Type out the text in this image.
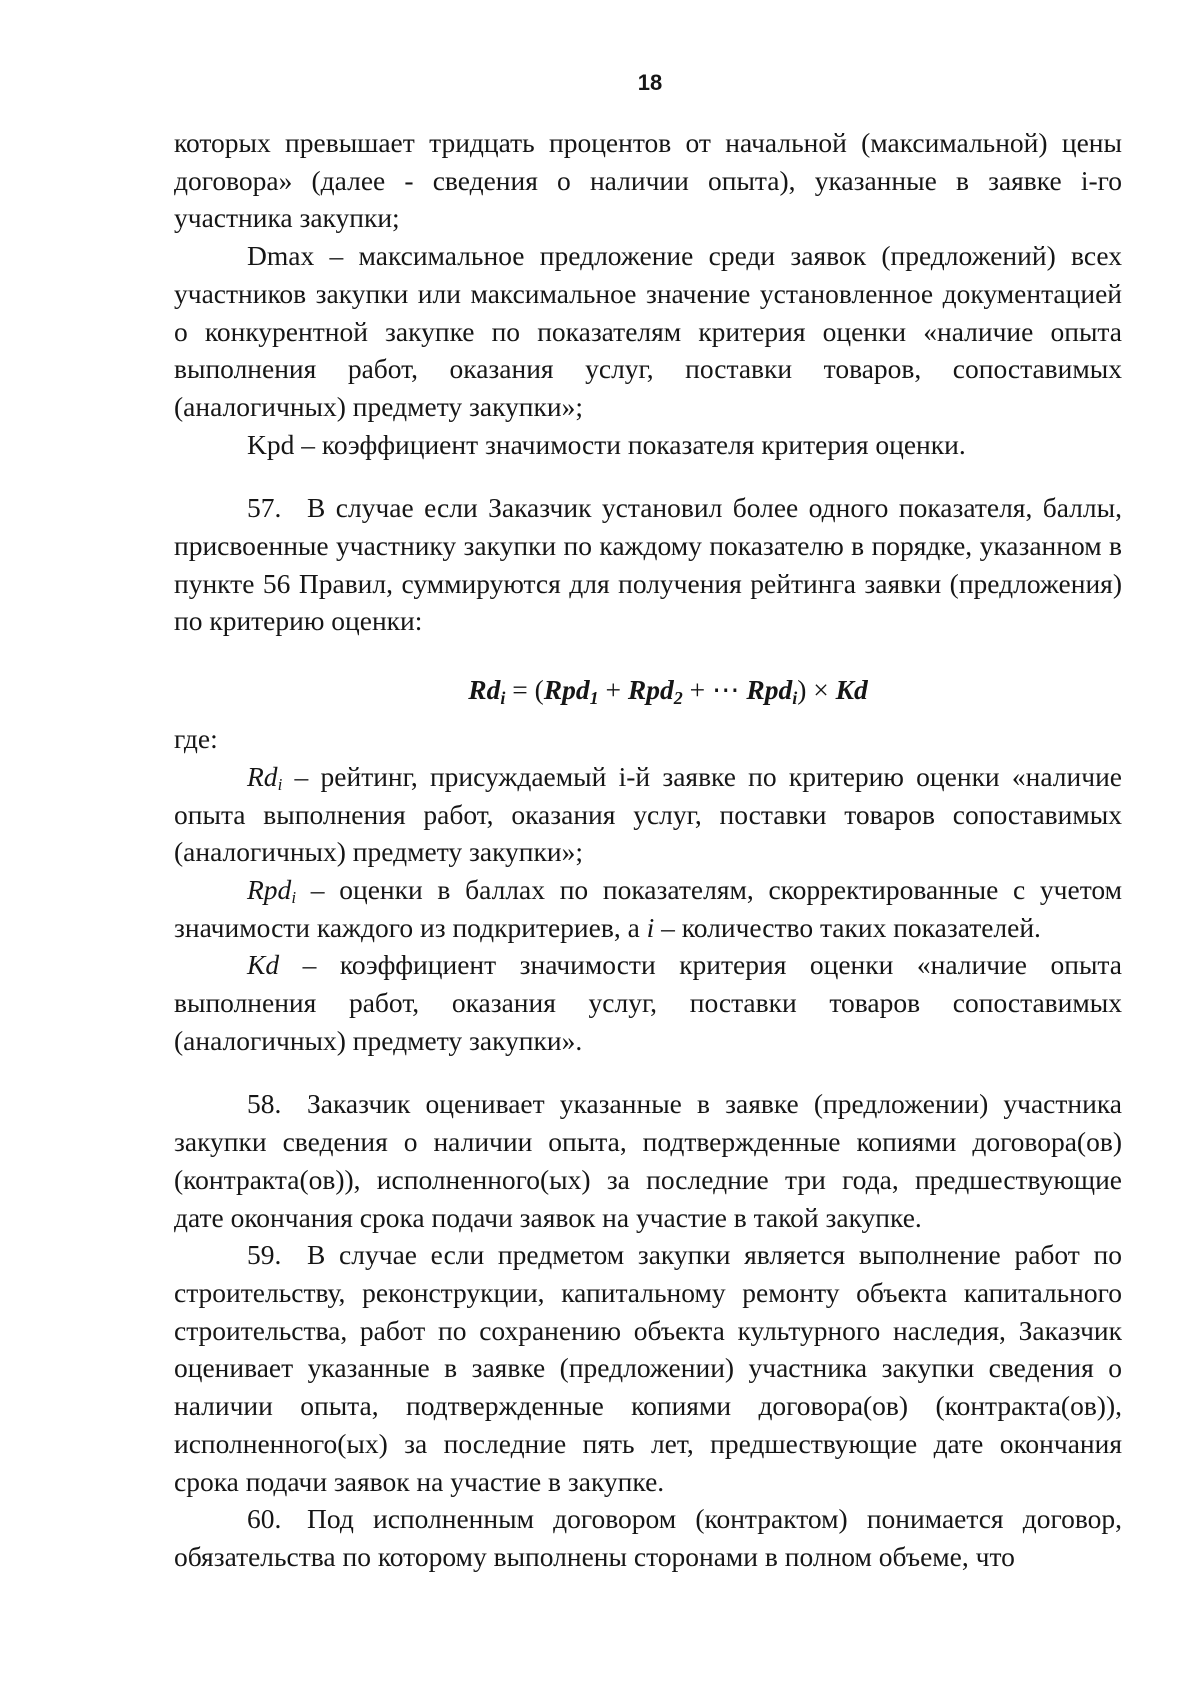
18

которых превышает тридцать процентов от начальной (максимальной) цены договора» (далее - сведения о наличии опыта), указанные в заявке i-го участника закупки;

Dmax – максимальное предложение среди заявок (предложений) всех участников закупки или максимальное значение установленное документацией о конкурентной закупке по показателям критерия оценки «наличие опыта выполнения работ, оказания услуг, поставки товаров, сопоставимых (аналогичных) предмету закупки»;

Kpd – коэффициент значимости показателя критерия оценки.

57. В случае если Заказчик установил более одного показателя, баллы, присвоенные участнику закупки по каждому показателю в порядке, указанном в пункте 56 Правил, суммируются для получения рейтинга заявки (предложения) по критерию оценки:

$Rd_i = (Rpd_1 + Rpd_2$ + ⋯ Rpd$_i$) × Kd

где:

$Rd_i$ – рейтинг, присуждаемый i-й заявке по критерию оценки «наличие опыта выполнения работ, оказания услуг, поставки товаров сопоставимых (аналогичных) предмету закупки»;

Rpd$_i$ – оценки в баллах по показателям, скорректированные с учетом значимости каждого из подкритериев, а i – количество таких показателей.

Kd – коэффициент значимости критерия оценки «наличие опыта выполнения работ, оказания услуг, поставки товаров сопоставимых (аналогичных) предмету закупки».

58. Заказчик оценивает указанные в заявке (предложении) участника закупки сведения о наличии опыта, подтвержденные копиями договора(ов) (контракта(ов)), исполненного(ых) за последние три года, предшествующие дате окончания срока подачи заявок на участие в такой закупке.

59. В случае если предметом закупки является выполнение работ по строительству, реконструкции, капитальному ремонту объекта капитального строительства, работ по сохранению объекта культурного наследия, Заказчик оценивает указанные в заявке (предложении) участника закупки сведения о наличии опыта, подтвержденные копиями договора(ов) (контракта(ов)), исполненного(ых) за последние пять лет, предшествующие дате окончания срока подачи заявок на участие в закупке.

60. Под исполненным договором (контрактом) понимается договор, обязательства по которому выполнены сторонами в полном объеме, что
